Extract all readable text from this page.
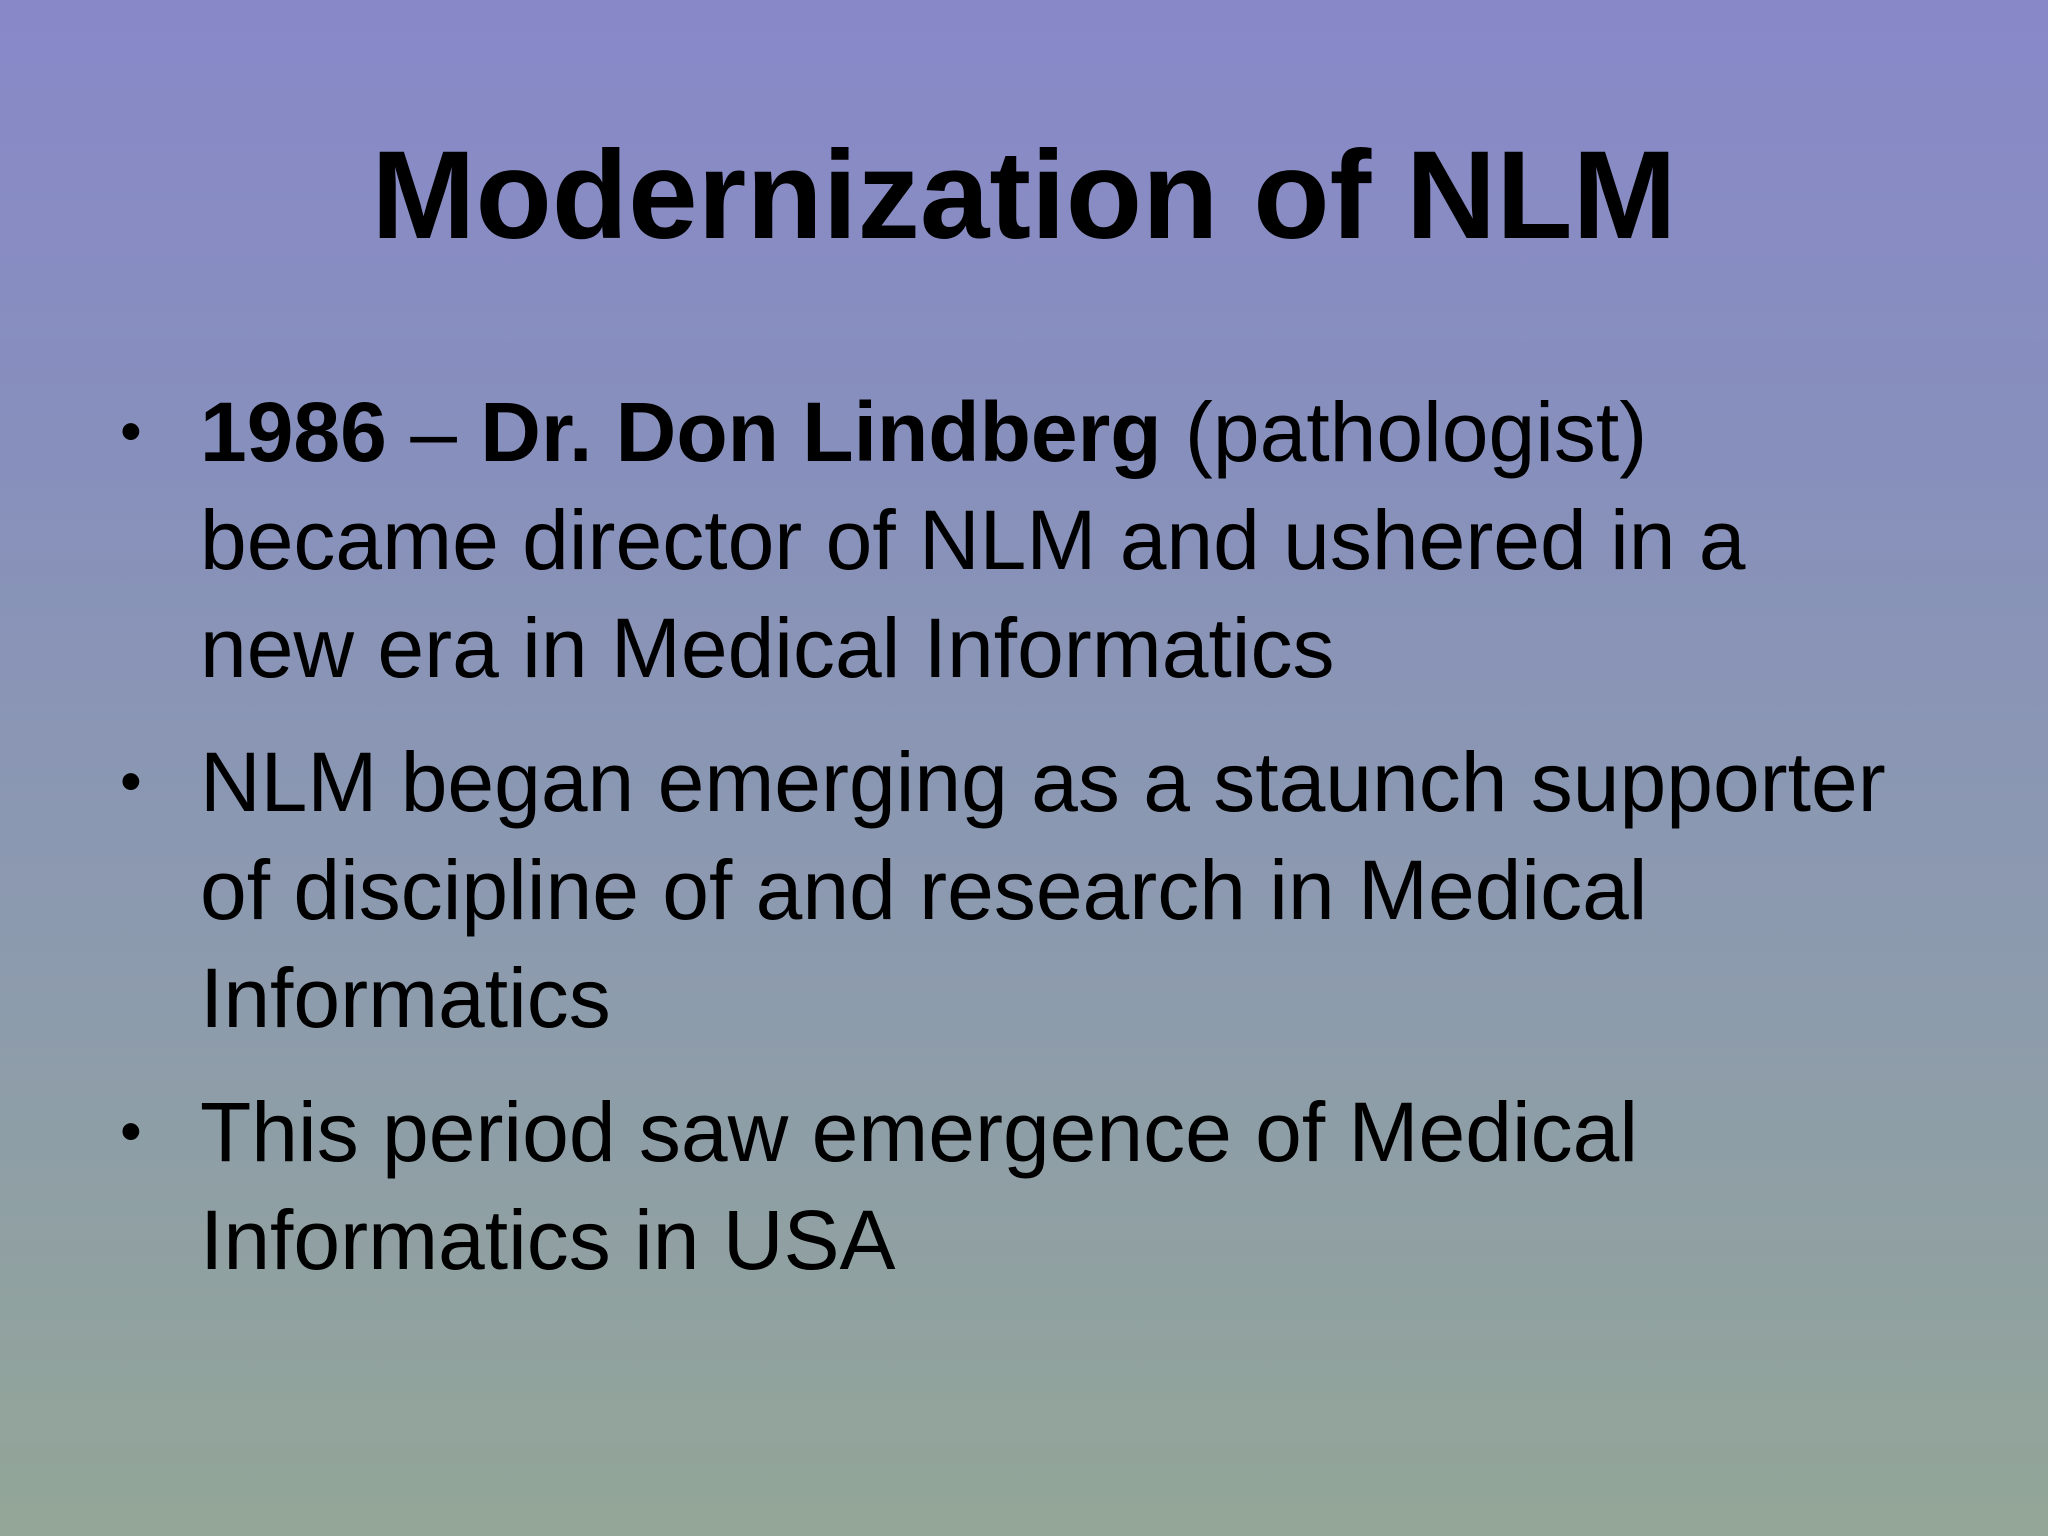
Modernization of NLM
• 1986 – Dr. Don Lindberg (pathologist) became director of NLM and ushered in a new era in Medical Informatics
• NLM began emerging as a staunch supporter of discipline of and research in Medical Informatics
• This period saw emergence of Medical Informatics in USA
